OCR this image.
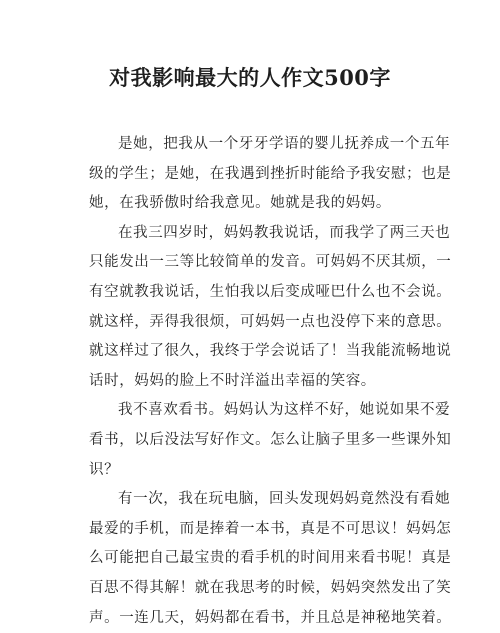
对我影响最大的人作文500字
是她，把我从一个牙牙学语的婴儿抚养成一个五年
级的学生；是她，在我遇到挫折时能给予我安慰；也是
她，在我骄傲时给我意见。她就是我的妈妈。
在我三四岁时，妈妈教我说话，而我学了两三天也
只能发出一三等比较简单的发音。可妈妈不厌其烦，一
有空就教我说话，生怕我以后变成哑巴什么也不会说。
就这样，弄得我很烦，可妈妈一点也没停下来的意思。
就这样过了很久，我终于学会说话了！当我能流畅地说
话时，妈妈的脸上不时洋溢出幸福的笑容。
我不喜欢看书。妈妈认为这样不好，她说如果不爱
看书，以后没法写好作文。怎么让脑子里多一些课外知
识？
有一次，我在玩电脑，回头发现妈妈竟然没有看她
最爱的手机，而是捧着一本书，真是不可思议！妈妈怎
么可能把自己最宝贵的看手机的时间用来看书呢！真是
百思不得其解！就在我思考的时候，妈妈突然发出了笑
声。一连几天，妈妈都在看书，并且总是神秘地笑着。
